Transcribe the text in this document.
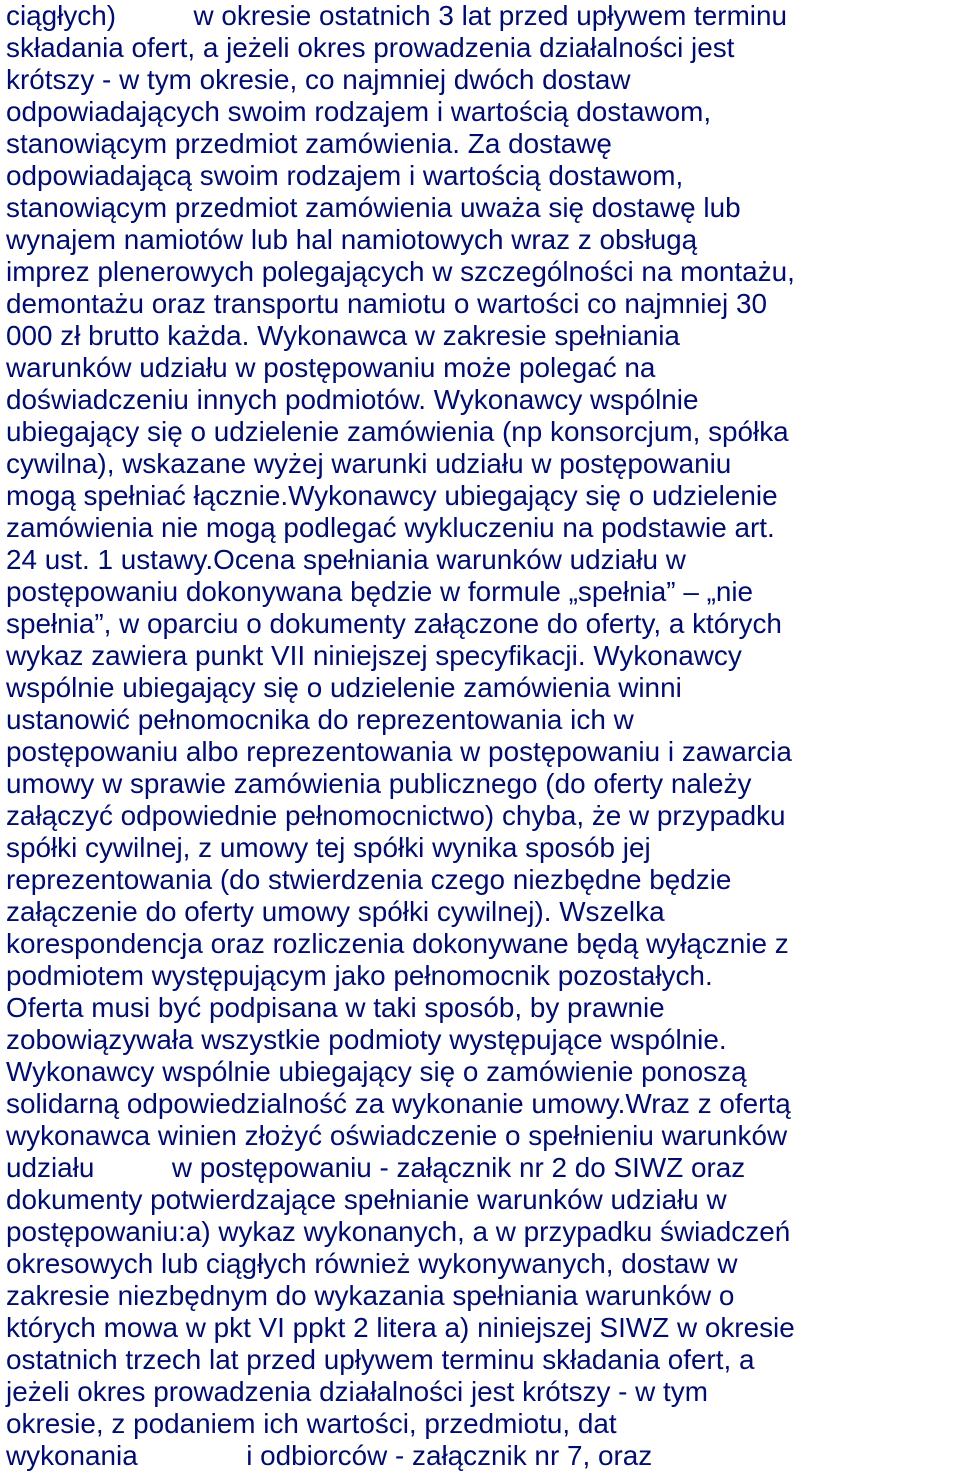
ciągłych)          w okresie ostatnich 3 lat przed upływem terminu
składania ofert, a jeżeli okres prowadzenia działalności jest
krótszy - w tym okresie, co najmniej dwóch dostaw
odpowiadających swoim rodzajem i wartością dostawom,
stanowiącym przedmiot zamówienia. Za dostawę
odpowiadającą swoim rodzajem i wartością dostawom,
stanowiącym przedmiot zamówienia uważa się dostawę lub
wynajem namiotów lub hal namiotowych wraz z obsługą
imprez plenerowych polegających w szczególności na montażu,
demontażu oraz transportu namiotu o wartości co najmniej 30
000 zł brutto każda. Wykonawca w zakresie spełniania
warunków udziału w postępowaniu może polegać na
doświadczeniu innych podmiotów. Wykonawcy wspólnie
ubiegający się o udzielenie zamówienia (np konsorcjum, spółka
cywilna), wskazane wyżej warunki udziału w postępowaniu
mogą spełniać łącznie.Wykonawcy ubiegający się o udzielenie
zamówienia nie mogą podlegać wykluczeniu na podstawie art.
24 ust. 1 ustawy.Ocena spełniania warunków udziału w
postępowaniu dokonywana będzie w formule „spełnia” – „nie
spełnia”, w oparciu o dokumenty załączone do oferty, a których
wykaz zawiera punkt VII niniejszej specyfikacji. Wykonawcy
wspólnie ubiegający się o udzielenie zamówienia winni
ustanowić pełnomocnika do reprezentowania ich w
postępowaniu albo reprezentowania w postępowaniu i zawarcia
umowy w sprawie zamówienia publicznego (do oferty należy
załączyć odpowiednie pełnomocnictwo) chyba, że w przypadku
spółki cywilnej, z umowy tej spółki wynika sposób jej
reprezentowania (do stwierdzenia czego niezbędne będzie
załączenie do oferty umowy spółki cywilnej). Wszelka
korespondencja oraz rozliczenia dokonywane będą wyłącznie z
podmiotem występującym jako pełnomocnik pozostałych.
Oferta musi być podpisana w taki sposób, by prawnie
zobowiązywała wszystkie podmioty występujące wspólnie.
Wykonawcy wspólnie ubiegający się o zamówienie ponoszą
solidarną odpowiedzialność za wykonanie umowy.Wraz z ofertą
wykonawca winien złożyć oświadczenie o spełnieniu warunków
udziału          w postępowaniu - załącznik nr 2 do SIWZ oraz
dokumenty potwierdzające spełnianie warunków udziału w
postępowaniu:a) wykaz wykonanych, a w przypadku świadczeń
okresowych lub ciągłych również wykonywanych, dostaw w
zakresie niezbędnym do wykazania spełniania warunków o
których mowa w pkt VI ppkt 2 litera a) niniejszej SIWZ w okresie
ostatnich trzech lat przed upływem terminu składania ofert, a
jeżeli okres prowadzenia działalności jest krótszy - w tym
okresie, z podaniem ich wartości, przedmiotu, dat
wykonania              i odbiorców - załącznik nr 7, oraz
